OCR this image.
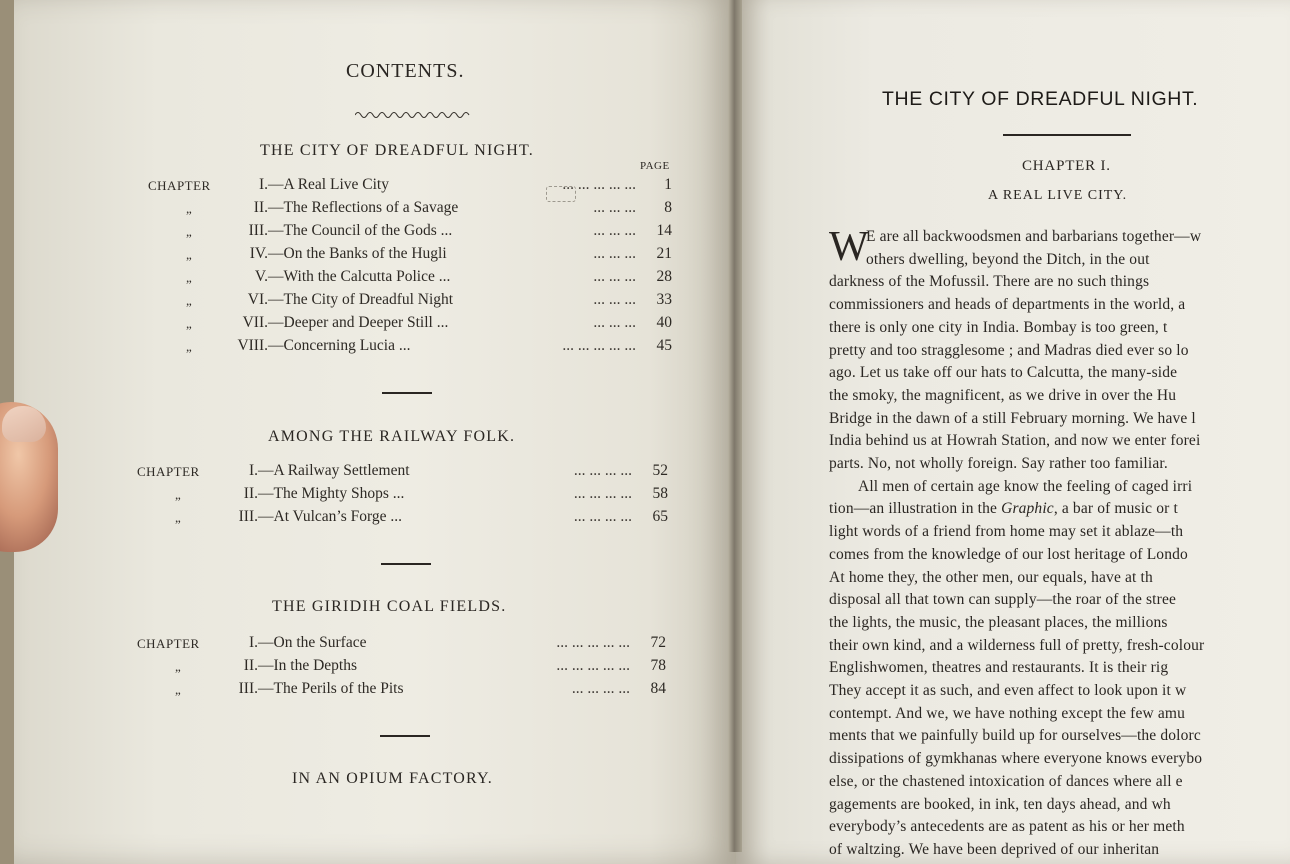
CONTENTS.
PAGE
THE CITY OF DREADFUL NIGHT.
CHAPTER	I. —A Real Live City	... ... ... ... ...	1
„	II. —The Reflections of a Savage	... ... ...	8
„	III. —The Council of the Gods ...	... ... ...	14
„	IV. —On the Banks of the Hugli	... ... ...	21
„	V. —With the Calcutta Police ...	... ... ...	28
„	VI. —The City of Dreadful Night	... ... ...	33
„	VII. —Deeper and Deeper Still ...	... ... ...	40
„	VIII. —Concerning Lucia ...	... ... ... ... ...	45
AMONG THE RAILWAY FOLK.
CHAPTER	I. —A Railway Settlement	... ... ... ...	52
„	II. —The Mighty Shops ...	... ... ... ...	58
„	III. —At Vulcan’s Forge ...	... ... ... ...	65
THE GIRIDIH COAL FIELDS.
CHAPTER	I. —On the Surface	... ... ... ... ...	72
„	II. —In the Depths	... ... ... ... ...	78
„	III. —The Perils of the Pits	... ... ... ...	84
IN AN OPIUM FACTORY.
THE CITY OF DREADFUL NIGHT.
CHAPTER I.
A REAL LIVE CITY.
W
E are all backwoodsmen and barbarians together—w
others dwelling, beyond the Ditch, in the out
darkness of the Mofussil. There are no such things
commissioners and heads of departments in the world, a
there is only one city in India. Bombay is too green, t
pretty and too stragglesome ; and Madras died ever so lo
ago. Let us take off our hats to Calcutta, the many-side
the smoky, the magnificent, as we drive in over the Hu
Bridge in the dawn of a still February morning. We have l
India behind us at Howrah Station, and now we enter forei
parts. No, not wholly foreign. Say rather too familiar.
All men of certain age know the feeling of caged irri
tion—an illustration in the Graphic, a bar of music or t
light words of a friend from home may set it ablaze—th
comes from the knowledge of our lost heritage of Londo
At home they, the other men, our equals, have at th
disposal all that town can supply—the roar of the stree
the lights, the music, the pleasant places, the millions
their own kind, and a wilderness full of pretty, fresh-colour
Englishwomen, theatres and restaurants. It is their rig
They accept it as such, and even affect to look upon it w
contempt. And we, we have nothing except the few amu
ments that we painfully build up for ourselves—the dolorc
dissipations of gymkhanas where everyone knows everybo
else, or the chastened intoxication of dances where all e
gagements are booked, in ink, ten days ahead, and wh
everybody’s antecedents are as patent as his or her meth
of waltzing. We have been deprived of our inheritan
